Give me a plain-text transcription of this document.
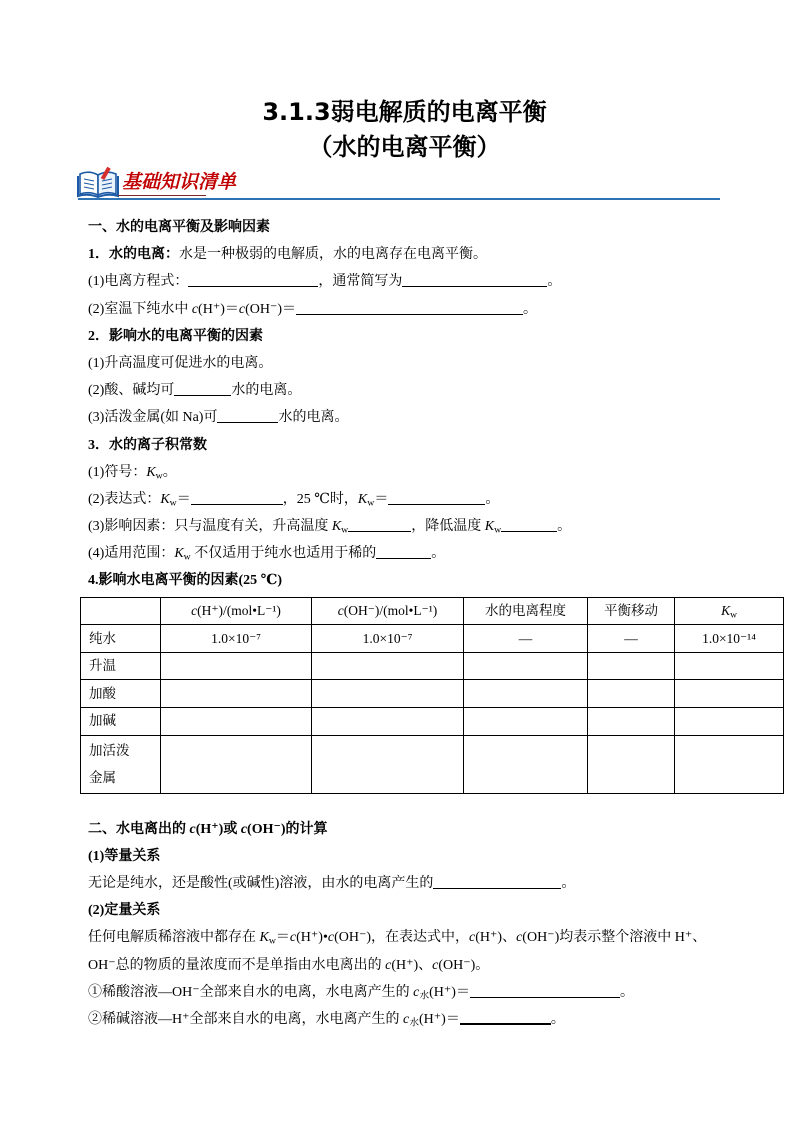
3.1.3弱电解质的电离平衡
（水的电离平衡）
基础知识清单
一、水的电离平衡及影响因素
1．水的电离：水是一种极弱的电解质，水的电离存在电离平衡。
(1)电离方程式：	，通常简写为	。
(2)室温下纯水中 c(H⁺)＝c(OH⁻)＝	。
2．影响水的电离平衡的因素
(1)升高温度可促进水的电离。
(2)酸、碱均可	水的电离。
(3)活泼金属(如 Na)可	水的电离。
3．水的离子积常数
(1)符号：$K_w$。
(2)表达式：$K_w=$	，25 ℃时，$K_w=$	。
(3)影响因素：只与温度有关，升高温度 $K_w$	，降低温度 $K_w$	。
(4)适用范围：$K_w$ 不仅适用于纯水也适用于稀的	。
4.影响水电离平衡的因素(25 ℃)
	c(H⁺)/(mol•L⁻¹)	c(OH⁻)/(mol•L⁻¹)	水的电离程度	平衡移动	$K_w$
纯水	1.0×10⁻⁷	1.0×10⁻⁷	—	—	1.0×10⁻¹⁴
升温					
加酸					
加碱					
加活泼金属					
二、水电离出的 c(H⁺)或 c(OH⁻)的计算
(1)等量关系
无论是纯水，还是酸性(或碱性)溶液，由水的电离产生的	。
(2)定量关系
任何电解质稀溶液中都存在 $K_w=c(H^+)•c(OH^-)$，在表达式中，c(H⁺)、c(OH⁻)均表示整个溶液中 H⁺、OH⁻总的物质的量浓度而不是单指由水电离出的 c(H⁺)、c(OH⁻)。
①稀酸溶液—OH⁻全部来自水的电离，水电离产生的 $c_水(H^+)=$	。
②稀碱溶液—H⁺全部来自水的电离，水电离产生的 $c_水(H^+)=$	。
